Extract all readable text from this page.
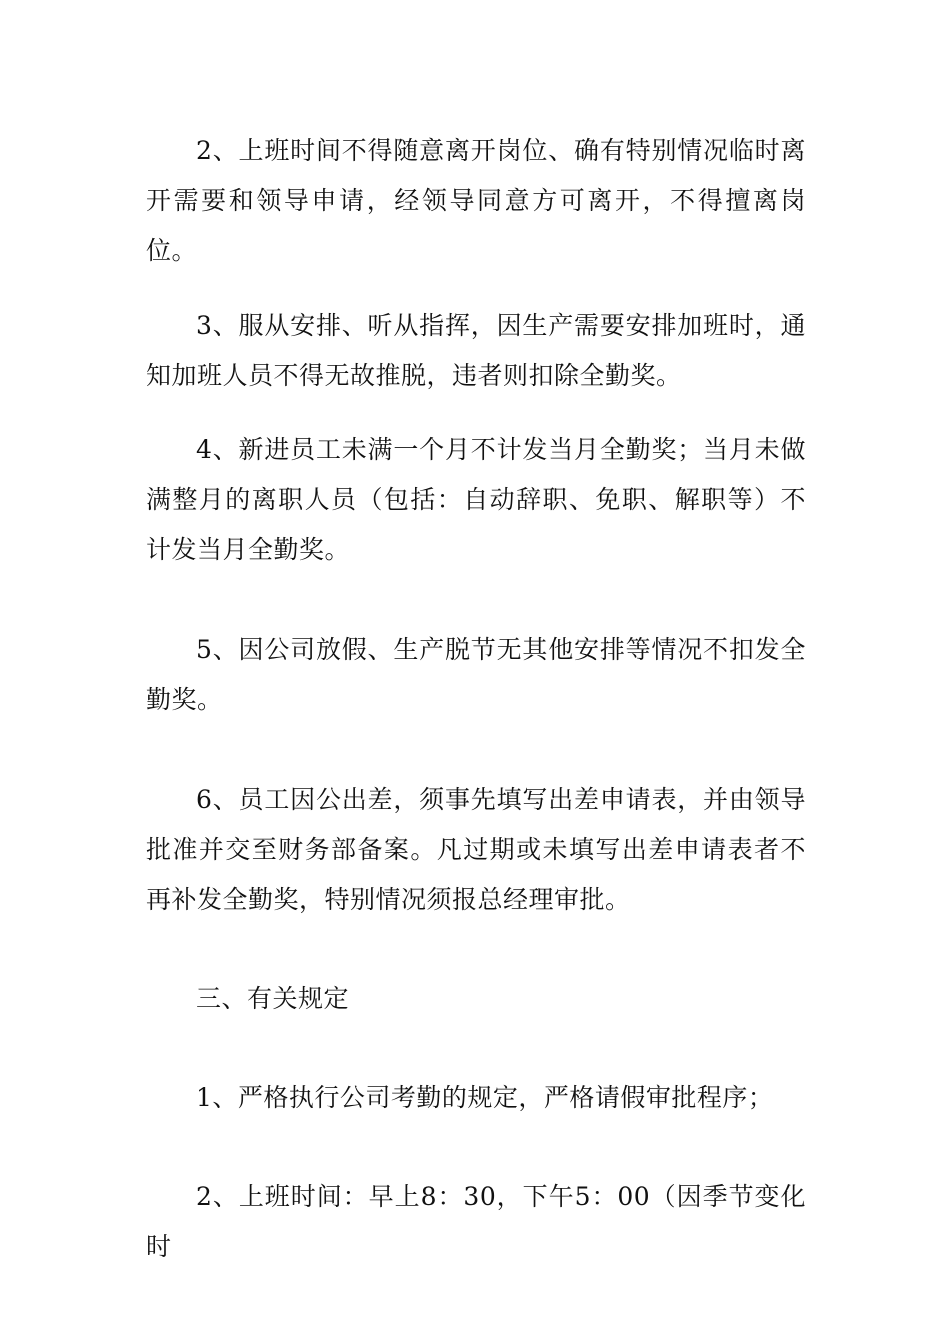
2、上班时间不得随意离开岗位、确有特别情况临时离开需要和领导申请，经领导同意方可离开，不得擅离岗位。

3、服从安排、听从指挥，因生产需要安排加班时，通知加班人员不得无故推脱，违者则扣除全勤奖。

4、新进员工未满一个月不计发当月全勤奖；当月未做满整月的离职人员（包括：自动辞职、免职、解职等）不计发当月全勤奖。

5、因公司放假、生产脱节无其他安排等情况不扣发全勤奖。

6、员工因公出差，须事先填写出差申请表，并由领导批准并交至财务部备案。凡过期或未填写出差申请表者不再补发全勤奖，特别情况须报总经理审批。

三、有关规定

1、严格执行公司考勤的规定，严格请假审批程序；

2、上班时间：早上8：30，下午5：00（因季节变化时
